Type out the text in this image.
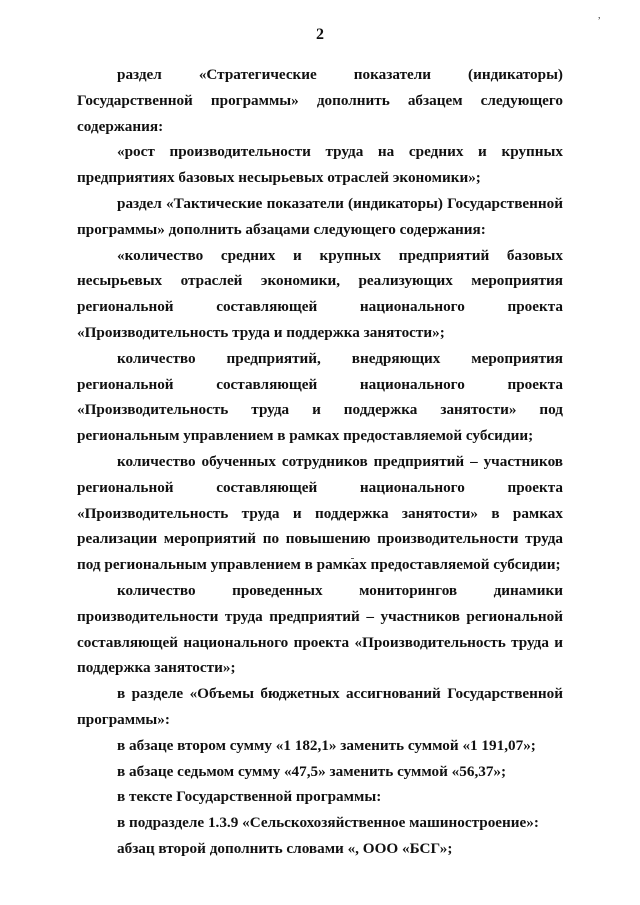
,
2

раздел «Стратегические показатели (индикаторы) Государственной программы» дополнить абзацем следующего содержания:

«рост производительности труда на средних и крупных предприятиях базовых несырьевых отраслей экономики»;

раздел «Тактические показатели (индикаторы) Государственной программы» дополнить абзацами следующего содержания:

«количество средних и крупных предприятий базовых несырьевых отраслей экономики, реализующих мероприятия региональной составляющей национального проекта «Производительность труда и поддержка занятости»;

количество предприятий, внедряющих мероприятия региональной составляющей национального проекта «Производительность труда и поддержка занятости» под региональным управлением в рамках предоставляемой субсидии;

количество обученных сотрудников предприятий – участников региональной составляющей национального проекта «Производительность труда и поддержка занятости» в рамках реализации мероприятий по повышению производительности труда под региональным управлением в рамках предоставляемой субсидии;

количество проведенных мониторингов динамики производительности труда предприятий – участников региональной составляющей национального проекта «Производительность труда и поддержка занятости»;

в разделе «Объемы бюджетных ассигнований Государственной программы»:

в абзаце втором сумму «1 182,1» заменить суммой «1 191,07»;

в абзаце седьмом сумму «47,5» заменить суммой «56,37»;

в тексте Государственной программы:

в подразделе 1.3.9 «Сельскохозяйственное машиностроение»:

абзац второй дополнить словами «, ООО «БСГ»;
